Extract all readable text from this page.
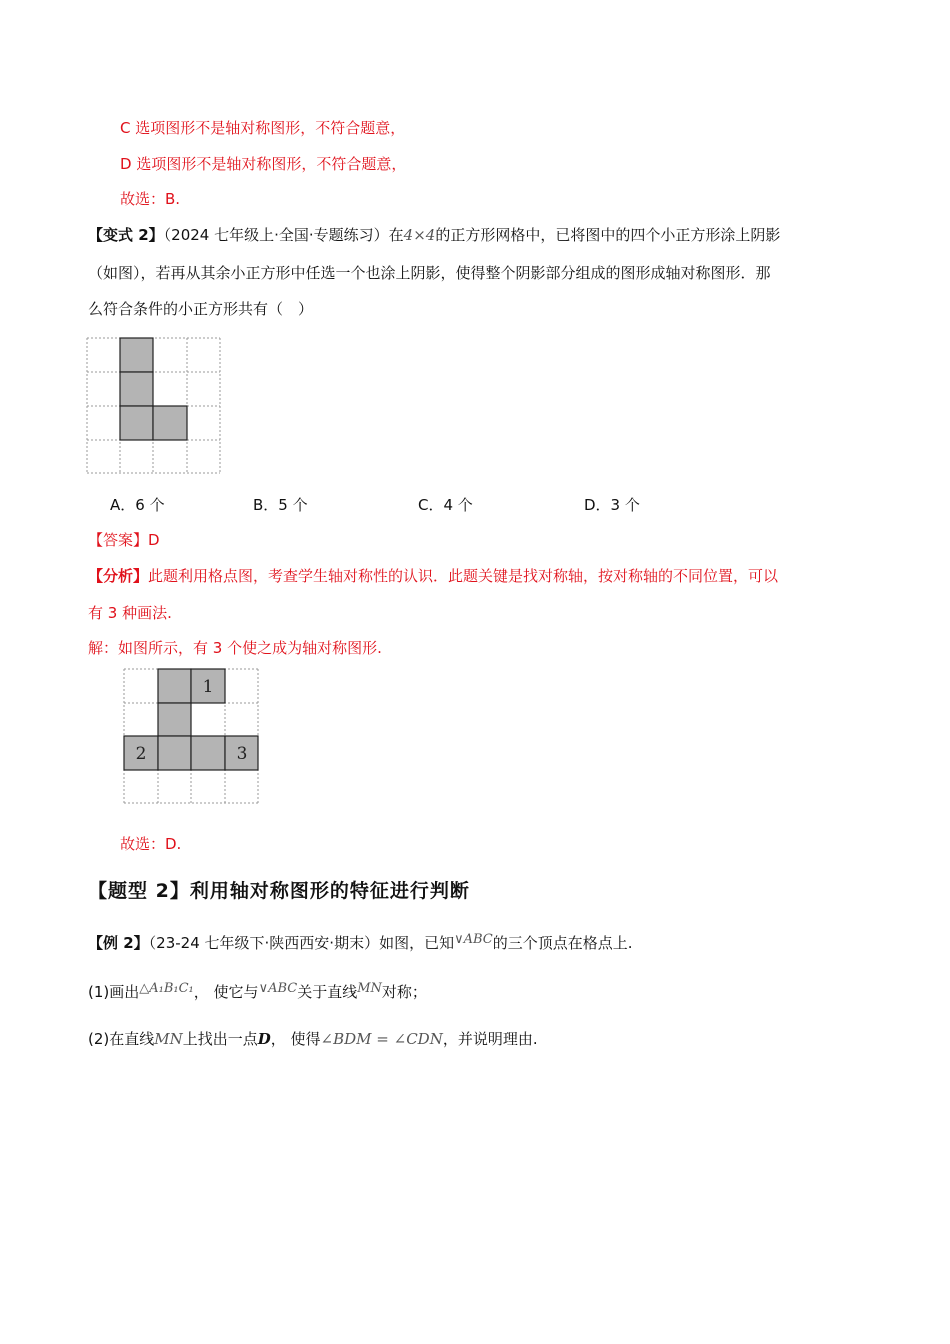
C 选项图形不是轴对称图形，不符合题意，
D 选项图形不是轴对称图形，不符合题意，
故选：B.
【变式 2】（2024 七年级上·全国·专题练习）在4×4的正方形网格中，已将图中的四个小正方形涂上阴影
（如图），若再从其余小正方形中任选一个也涂上阴影，使得整个阴影部分组成的图形成轴对称图形．那
么符合条件的小正方形共有（　）
A．6 个	B．5 个	C．4 个	D．3 个
【答案】D
【分析】此题利用格点图，考查学生轴对称性的认识．此题关键是找对称轴，按对称轴的不同位置，可以
有 3 种画法.
解：如图所示，有 3 个使之成为轴对称图形.
1
2	3
故选：D.
【题型 2】利用轴对称图形的特征进行判断
【例 2】（23-24 七年级下·陕西西安·期末）如图，已知∨ABC的三个顶点在格点上.
(1)画出△A₁B₁C₁， 使它与∨ABC关于直线MN对称；
(2)在直线MN上找出一点D， 使得∠BDM = ∠CDN，并说明理由.
